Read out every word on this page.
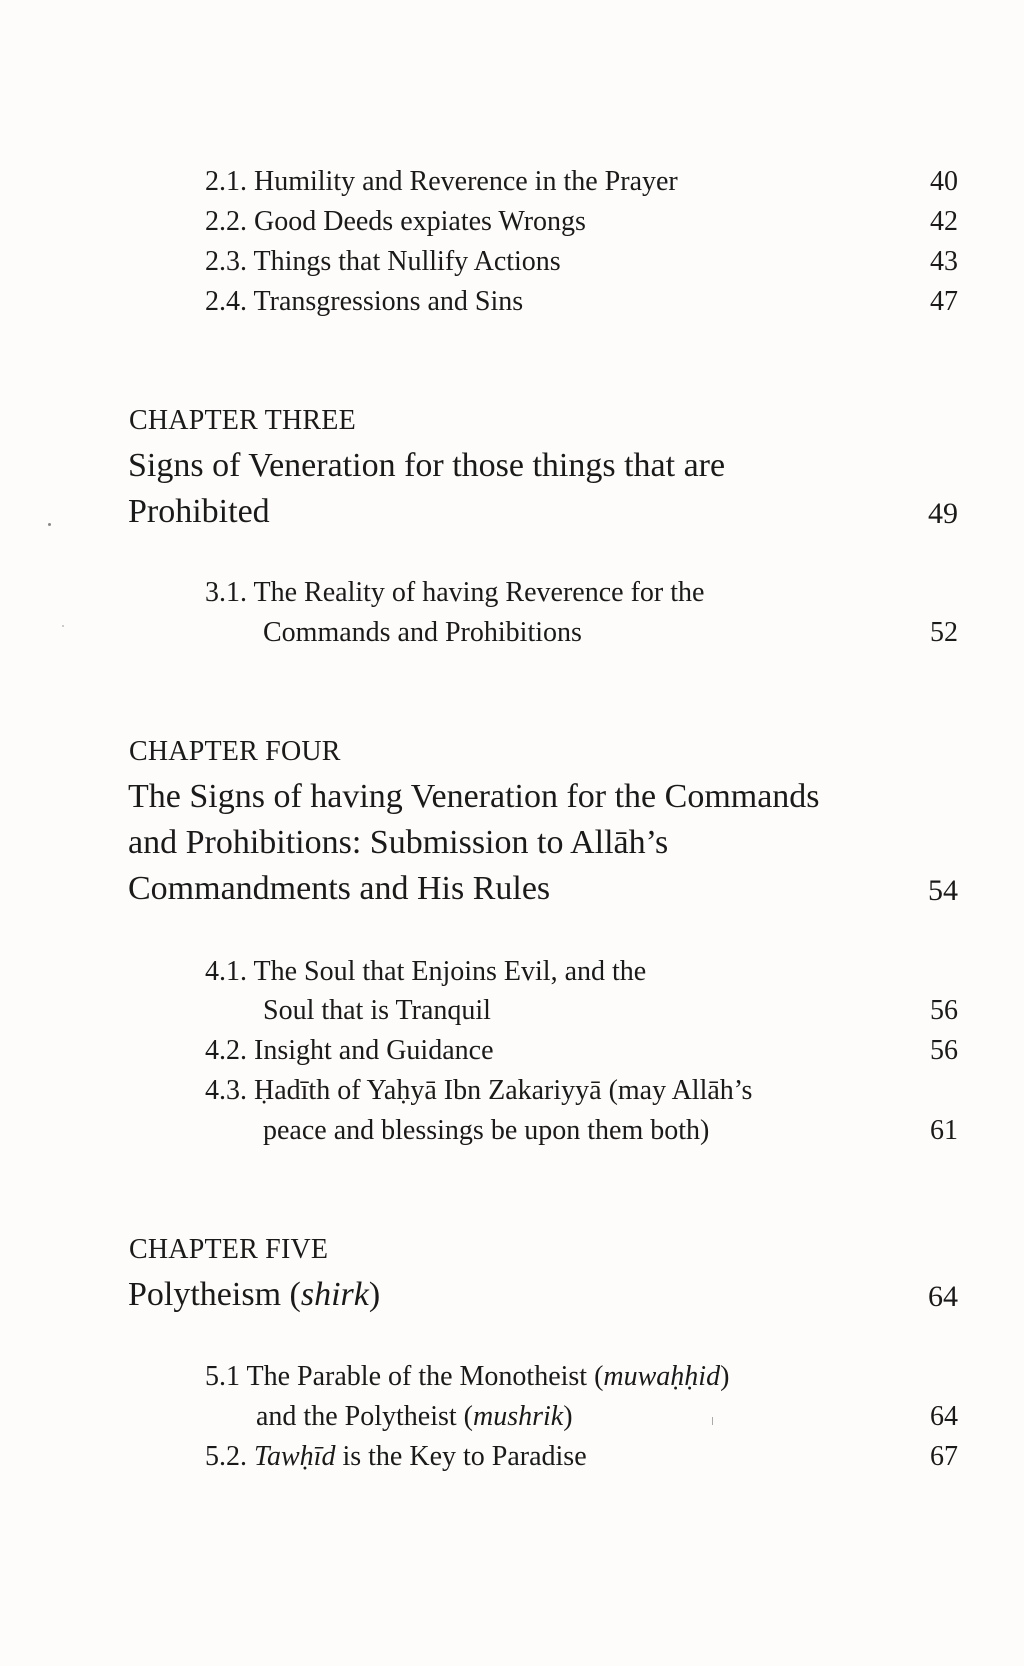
2.1. Humility and Reverence in the Prayer	40
2.2. Good Deeds expiates Wrongs	42
2.3. Things that Nullify Actions	43
2.4. Transgressions and Sins	47
CHAPTER THREE
Signs of Veneration for those things that are
Prohibited	49
3.1. The Reality of having Reverence for the
Commands and Prohibitions	52
CHAPTER FOUR
The Signs of having Veneration for the Commands
and Prohibitions: Submission to Allāh’s
Commandments and His Rules	54
4.1. The Soul that Enjoins Evil, and the
Soul that is Tranquil	56
4.2. Insight and Guidance	56
4.3. Ḥadīth of Yaḥyā Ibn Zakariyyā (may Allāh’s
peace and blessings be upon them both)	61
CHAPTER FIVE
Polytheism (shirk)	64
5.1 The Parable of the Monotheist (muwaḥḥid)
and the Polytheist (mushrik)	64
5.2. Tawḥīd is the Key to Paradise	67
